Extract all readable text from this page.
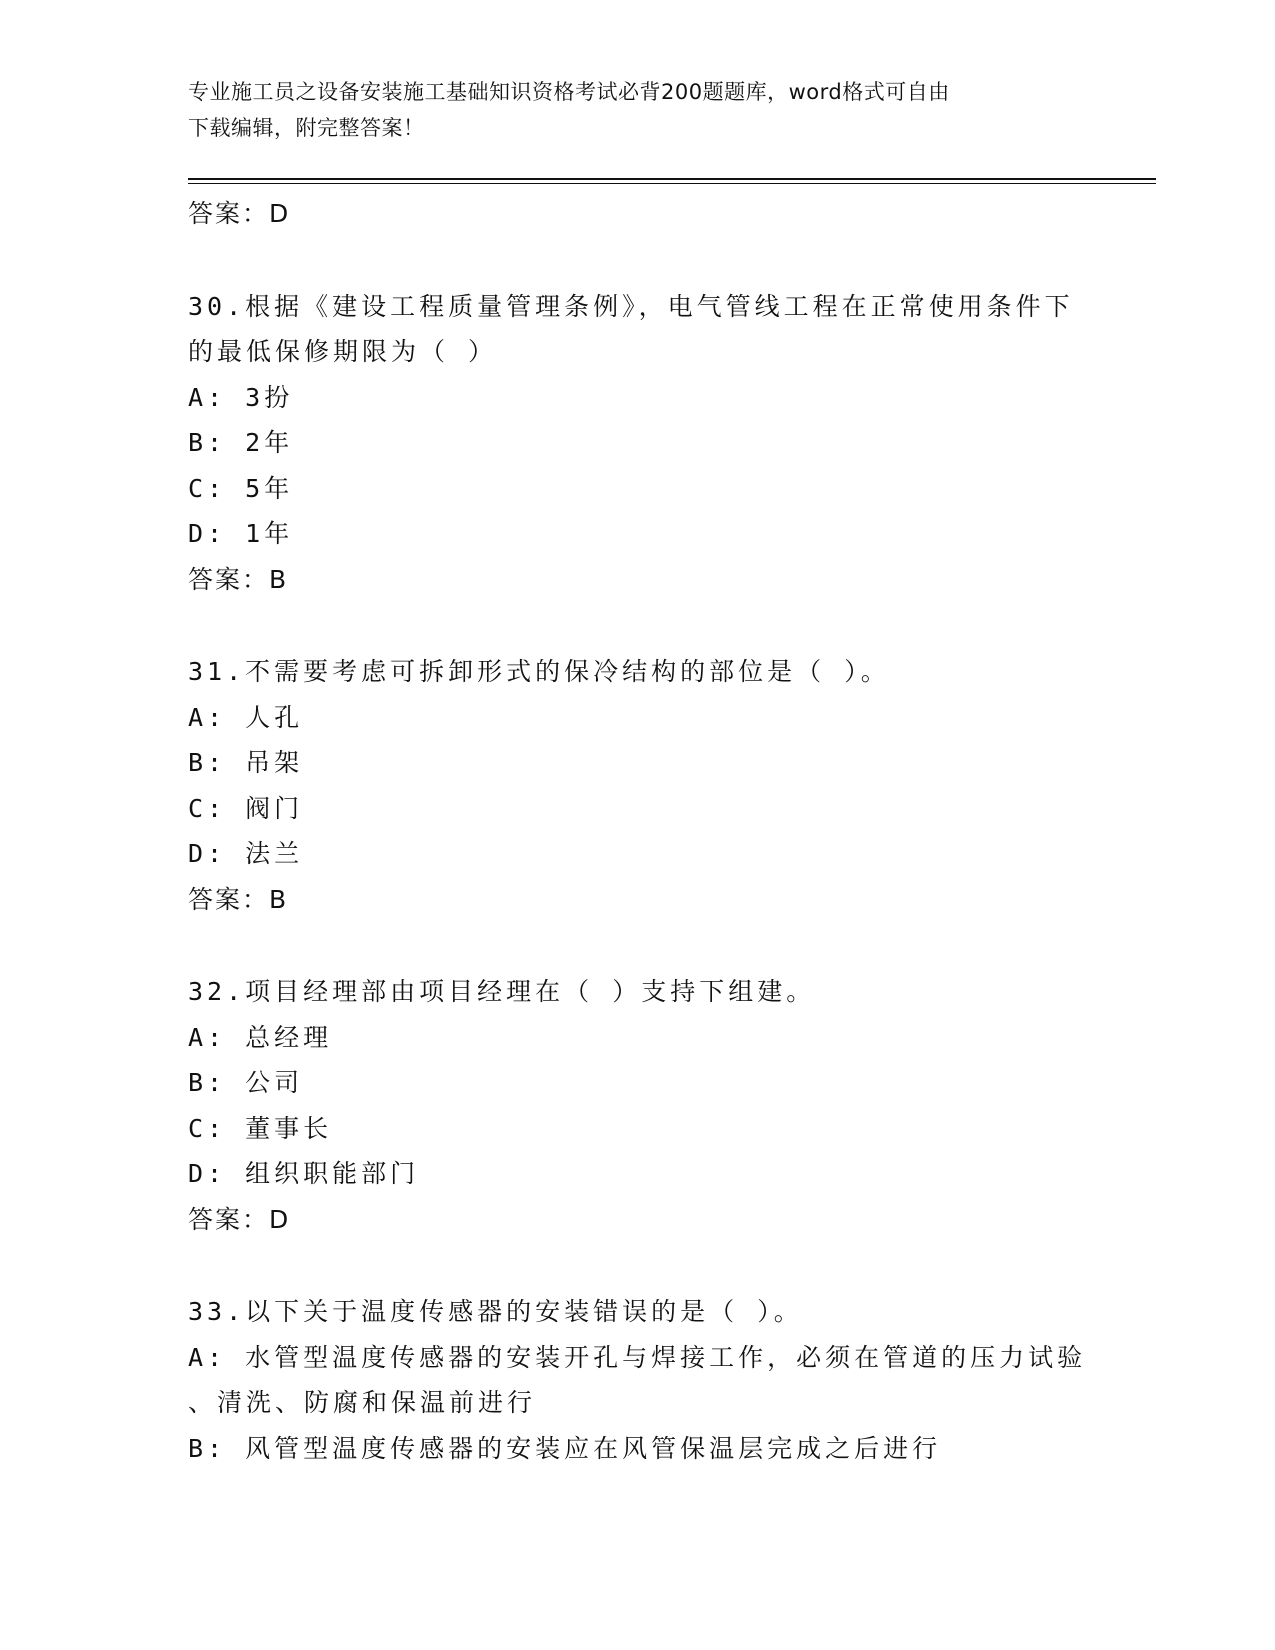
专业施工员之设备安装施工基础知识资格考试必背200题题库，word格式可自由
下载编辑，附完整答案！
答案：D
30.根据《建设工程质量管理条例》，电气管线工程在正常使用条件下
的最低保修期限为（ ）
A: 3扮
B: 2年
C: 5年
D: 1年
答案：B
31.不需要考虑可拆卸形式的保冷结构的部位是（ ）。
A: 人孔
B: 吊架
C: 阀门
D: 法兰
答案：B
32.项目经理部由项目经理在（ ）支持下组建。
A: 总经理
B: 公司
C: 董事长
D: 组织职能部门
答案：D
33.以下关于温度传感器的安装错误的是（ ）。
A: 水管型温度传感器的安装开孔与焊接工作，必须在管道的压力试验
、清洗、防腐和保温前进行
B: 风管型温度传感器的安装应在风管保温层完成之后进行
